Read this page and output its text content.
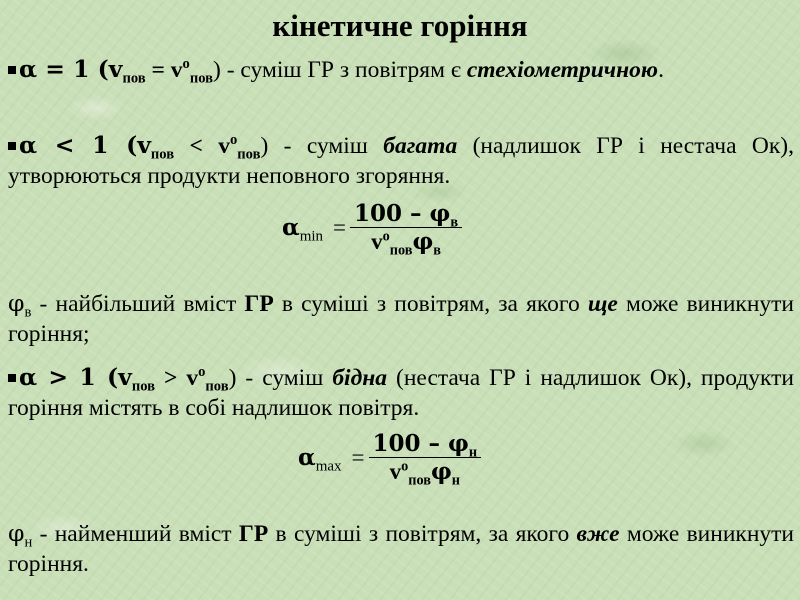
кінетичне горіння

α = 1 $(v_{пов} = v^о_{пов})$ - суміш ГР з повітрям є стехіометричною.

α < 1 $(v_{пов} < v^о_{пов})$ - суміш багата (надлишок ГР і нестача Ок), утворюються продукти неповного згоряння.

$\alpha_{min} = \frac{100 - \varphi_в}{v^о_{пов}\varphi_в}$

$\varphi_в$ - найбільший вміст ГР в суміші з повітрям, за якого ще може виникнути горіння;

α > 1 $(v_{пов} > v^о_{пов})$ - суміш бідна (нестача ГР і надлишок Ок), продукти горіння містять в собі надлишок повітря.

$\alpha_{max} = \frac{100 - \varphi_н}{v^о_{пов}\varphi_н}$

$\varphi_н$ - найменший вміст ГР в суміші з повітрям, за якого вже може виникнути горіння.
